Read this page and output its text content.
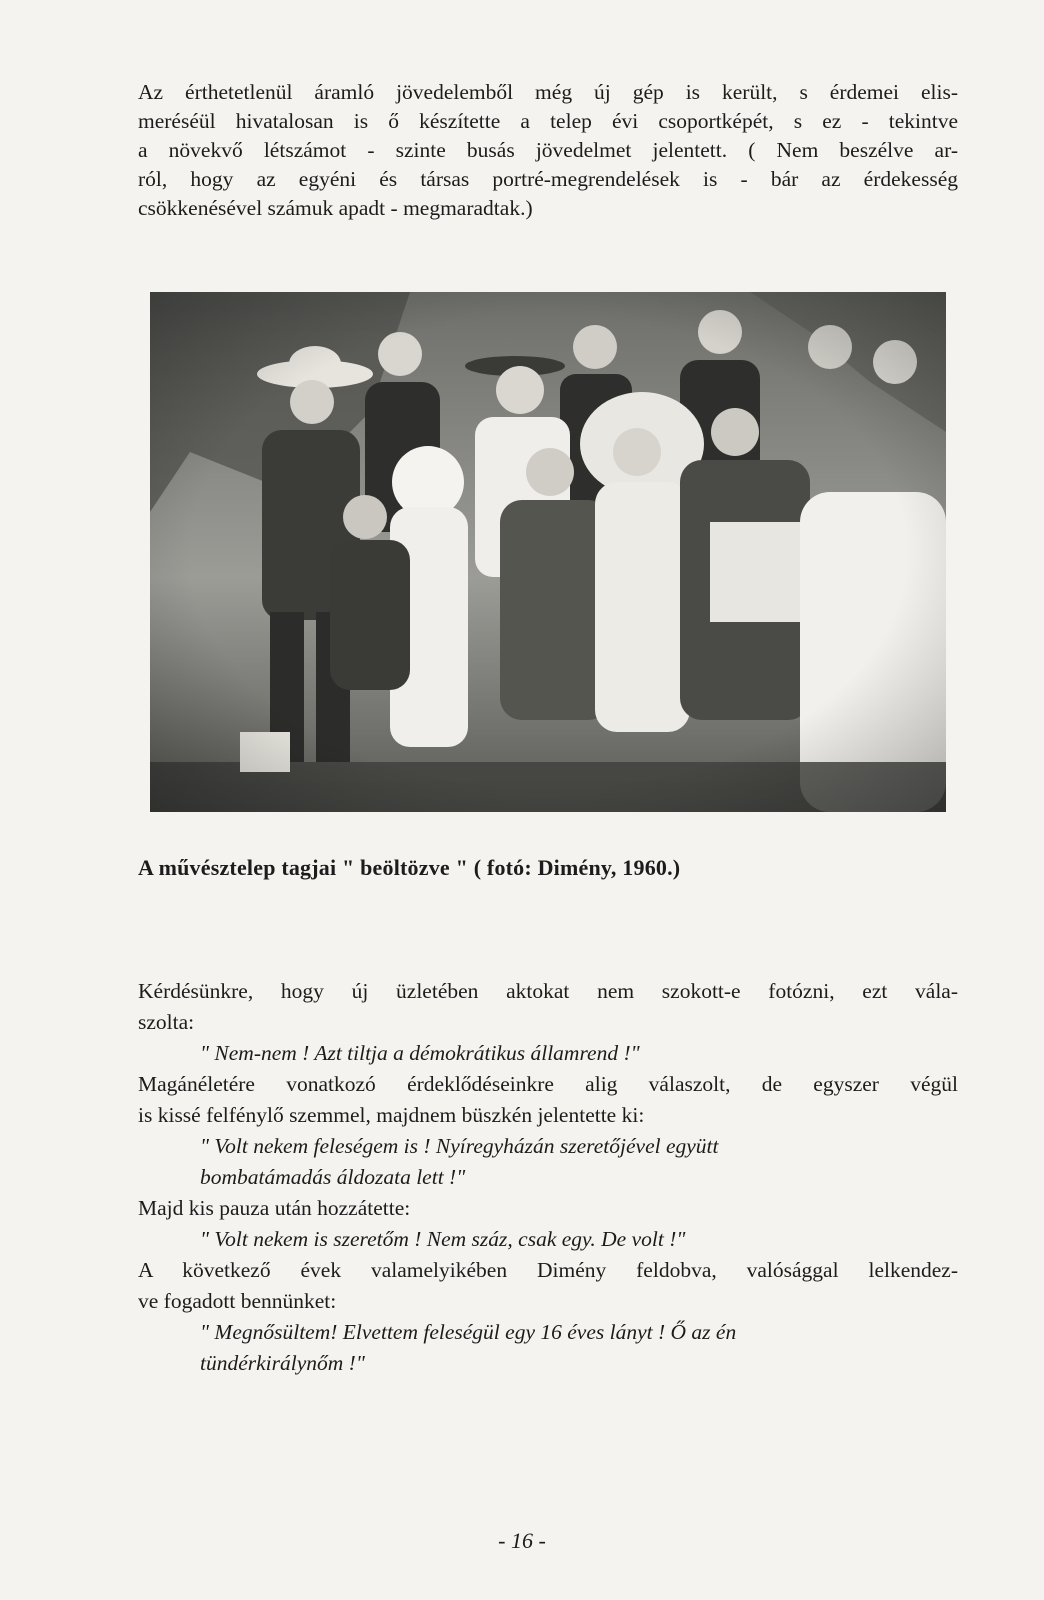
Az érthetetlenül áramló jövedelemből még új gép is került, s érdemei elis-
meréséül hivatalosan is ő készítette a telep évi csoportképét, s ez - tekintve
a növekvő létszámot - szinte busás jövedelmet jelentett. ( Nem beszélve ar-
ról, hogy az egyéni és társas portré-megrendelések is - bár az érdekesség
csökkenésével számuk apadt - megmaradtak.)
A művésztelep tagjai " beöltözve " ( fotó: Dimény, 1960.)
Kérdésünkre, hogy új üzletében aktokat nem szokott-e fotózni, ezt vála-
szolta:
" Nem-nem ! Azt tiltja a démokrátikus államrend !"
Magánéletére vonatkozó érdeklődéseinkre alig válaszolt, de egyszer végül
is kissé felfénylő szemmel, majdnem büszkén jelentette ki:
" Volt nekem feleségem is ! Nyíregyházán szeretőjével együtt
bombatámadás áldozata lett !"
Majd kis pauza után hozzátette:
" Volt nekem is szeretőm ! Nem száz, csak egy. De volt !"
A következő évek valamelyikében Dimény feldobva, valósággal lelkendez-
ve fogadott bennünket:
" Megnősültem! Elvettem feleségül egy 16 éves lányt ! Ő az én
tündérkirálynőm !"
- 16 -
